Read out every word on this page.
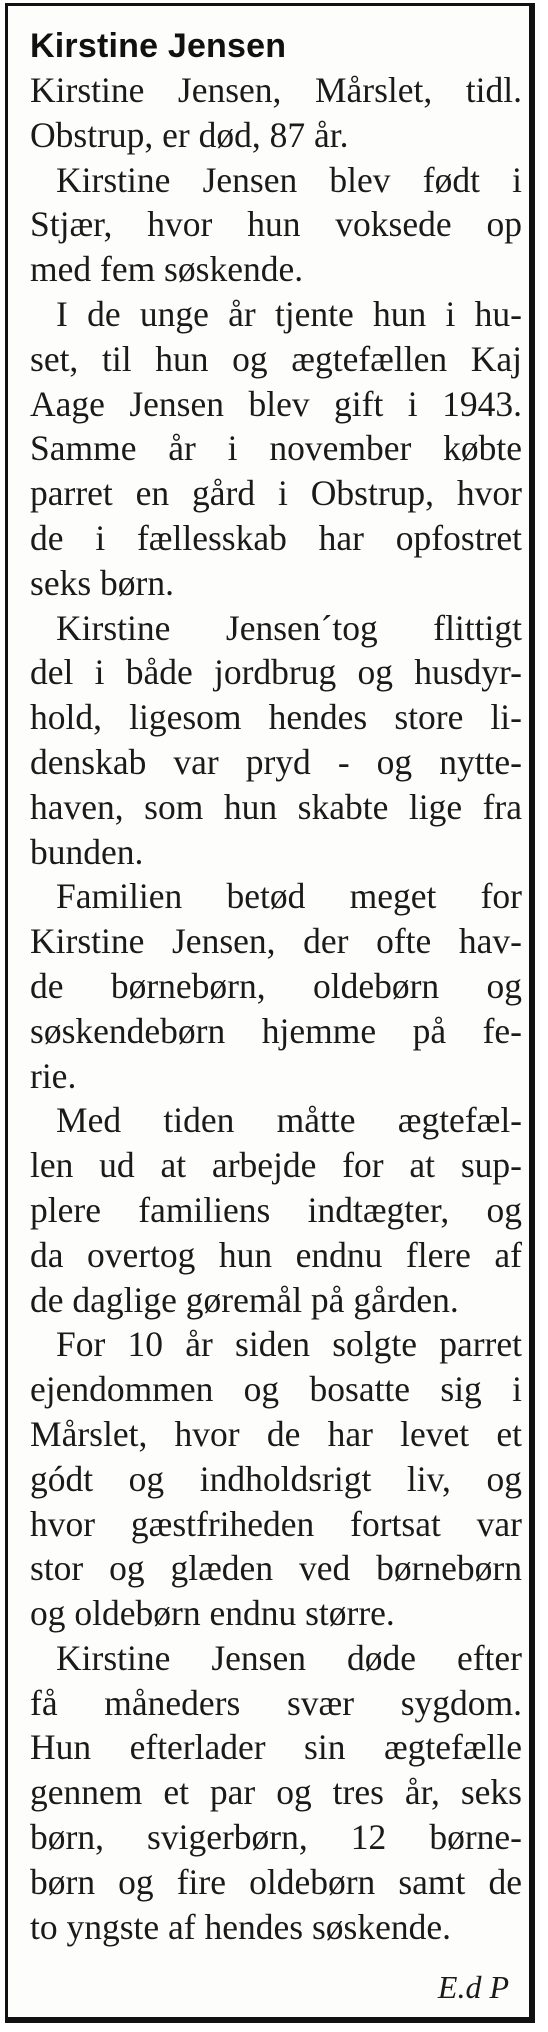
Kirstine Jensen
Kirstine Jensen, Mårslet, tidl.
Obstrup, er død, 87 år.
Kirstine Jensen blev født i
Stjær, hvor hun voksede op
med fem søskende.
I de unge år tjente hun i hu-
set, til hun og ægtefællen Kaj
Aage Jensen blev gift i 1943.
Samme år i november købte
parret en gård i Obstrup, hvor
de i fællesskab har opfostret
seks børn.
Kirstine Jensen´tog flittigt
del i både jordbrug og husdyr-
hold, ligesom hendes store li-
denskab var pryd - og nytte-
haven, som hun skabte lige fra
bunden.
Familien betød meget for
Kirstine Jensen, der ofte hav-
de børnebørn, oldebørn og
søskendebørn hjemme på fe-
rie.
Med tiden måtte ægtefæl-
len ud at arbejde for at sup-
plere familiens indtægter, og
da overtog hun endnu flere af
de daglige gøremål på gården.
For 10 år siden solgte parret
ejendommen og bosatte sig i
Mårslet, hvor de har levet et
gódt og indholdsrigt liv, og
hvor gæstfriheden fortsat var
stor og glæden ved børnebørn
og oldebørn endnu større.
Kirstine Jensen døde efter
få måneders svær sygdom.
Hun efterlader sin ægtefælle
gennem et par og tres år, seks
børn, svigerbørn, 12 børne-
børn og fire oldebørn samt de
to yngste af hendes søskende.
E.d P
